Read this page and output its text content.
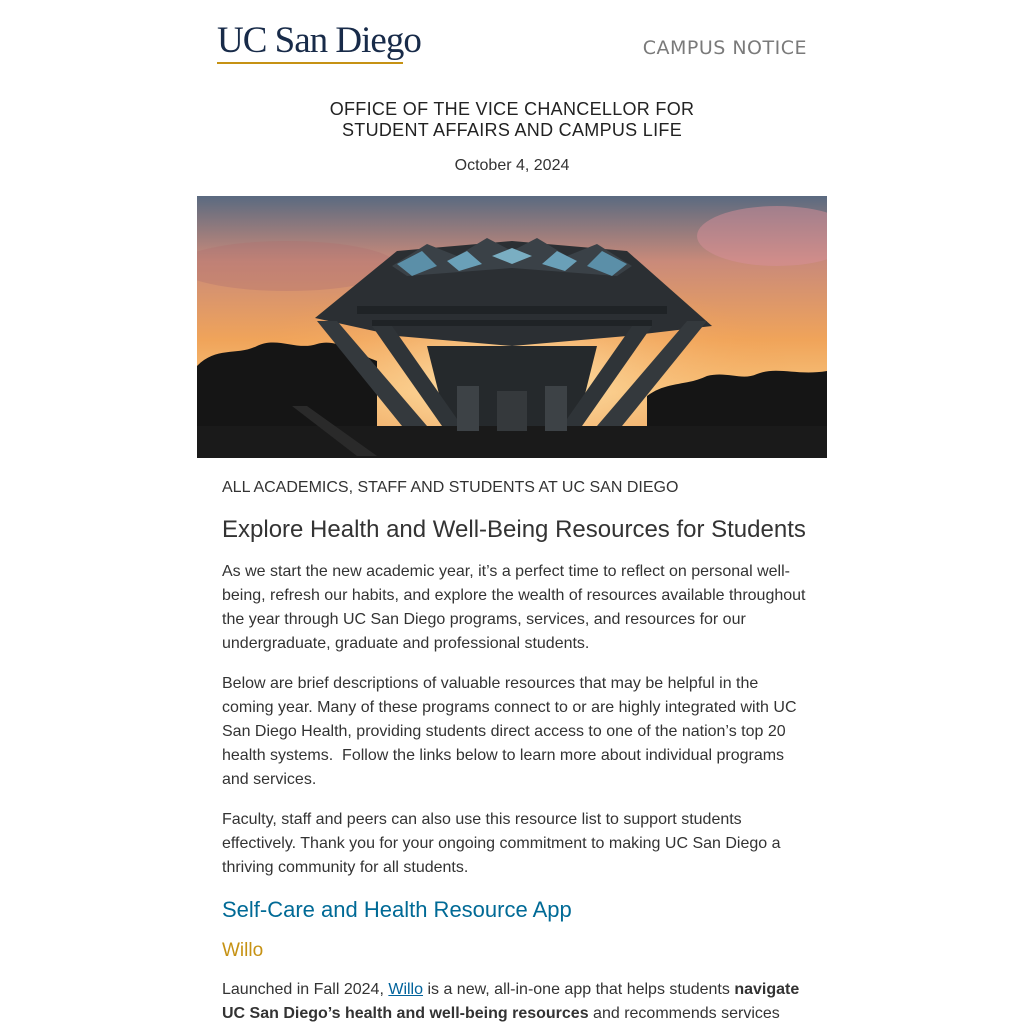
UC San Diego	CAMPUS NOTICE
OFFICE OF THE VICE CHANCELLOR FOR
STUDENT AFFAIRS AND CAMPUS LIFE
October 4, 2024
ALL ACADEMICS, STAFF AND STUDENTS AT UC SAN DIEGO
Explore Health and Well-Being Resources for Students

As we start the new academic year, it’s a perfect time to reflect on personal well-being, refresh our habits, and explore the wealth of resources available throughout the year through UC San Diego programs, services, and resources for our undergraduate, graduate and professional students.

Below are brief descriptions of valuable resources that may be helpful in the coming year. Many of these programs connect to or are highly integrated with UC San Diego Health, providing students direct access to one of the nation’s top 20 health systems.  Follow the links below to learn more about individual programs and services.

Faculty, staff and peers can also use this resource list to support students effectively. Thank you for your ongoing commitment to making UC San Diego a thriving community for all students.

Self-Care and Health Resource App
Willo

Launched in Fall 2024, Willo is a new, all-in-one app that helps students navigate UC San Diego’s health and well-being resources and recommends services
